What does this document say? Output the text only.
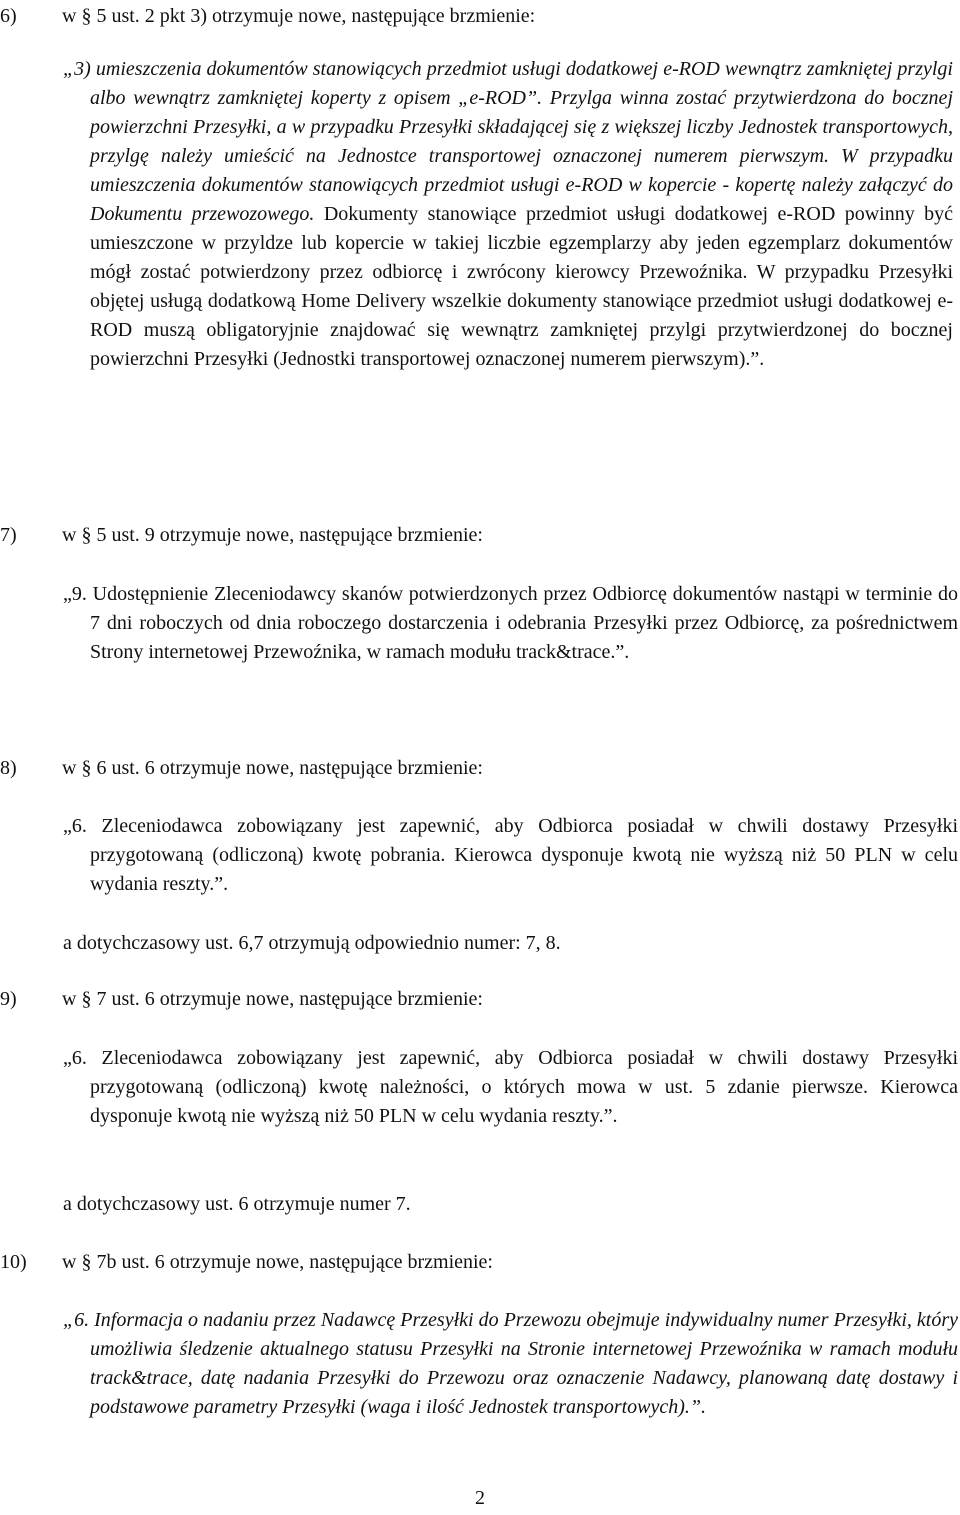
6) w § 5 ust. 2 pkt 3) otrzymuje nowe, następujące brzmienie:
„3) umieszczenia dokumentów stanowiących przedmiot usługi dodatkowej e-ROD wewnątrz zamkniętej przylgi albo wewnątrz zamkniętej koperty z opisem „e-ROD”. Przylga winna zostać przytwierdzona do bocznej powierzchni Przesyłki, a w przypadku Przesyłki składającej się z większej liczby Jednostek transportowych, przylgę należy umieścić na Jednostce transportowej oznaczonej numerem pierwszym. W przypadku umieszczenia dokumentów stanowiących przedmiot usługi e-ROD w kopercie - kopertę należy załączyć do Dokumentu przewozowego. Dokumenty stanowiące przedmiot usługi dodatkowej e-ROD powinny być umieszczone w przyldze lub kopercie w takiej liczbie egzemplarzy aby jeden egzemplarz dokumentów mógł zostać potwierdzony przez odbiorcę i zwrócony kierowcy Przewoźnika. W przypadku Przesyłki objętej usługą dodatkową Home Delivery wszelkie dokumenty stanowiące przedmiot usługi dodatkowej e-ROD muszą obligatoryjnie znajdować się wewnątrz zamkniętej przylgi przytwierdzonej do bocznej powierzchni Przesyłki (Jednostki transportowej oznaczonej numerem pierwszym).”.
7) w § 5 ust. 9 otrzymuje nowe, następujące brzmienie:
„9. Udostępnienie Zleceniodawcy skanów potwierdzonych przez Odbiorcę dokumentów nastąpi w terminie do 7 dni roboczych od dnia roboczego dostarczenia i odebrania Przesyłki przez Odbiorcę, za pośrednictwem Strony internetowej Przewoźnika, w ramach modułu track&trace.”.
8) w § 6 ust. 6 otrzymuje nowe, następujące brzmienie:
„6. Zleceniodawca zobowiązany jest zapewnić, aby Odbiorca posiadał w chwili dostawy Przesyłki przygotowaną (odliczoną) kwotę pobrania. Kierowca dysponuje kwotą nie wyższą niż 50 PLN w celu wydania reszty.”.
a dotychczasowy ust. 6,7 otrzymują odpowiednio numer: 7, 8.
9) w § 7 ust. 6 otrzymuje nowe, następujące brzmienie:
„6. Zleceniodawca zobowiązany jest zapewnić, aby Odbiorca posiadał w chwili dostawy Przesyłki przygotowaną (odliczoną) kwotę należności, o których mowa w ust. 5 zdanie pierwsze. Kierowca dysponuje kwotą nie wyższą niż 50 PLN w celu wydania reszty.”.
a dotychczasowy ust. 6 otrzymuje numer 7.
10) w § 7b ust. 6 otrzymuje nowe, następujące brzmienie:
„6. Informacja o nadaniu przez Nadawcę Przesyłki do Przewozu obejmuje indywidualny numer Przesyłki, który umożliwia śledzenie aktualnego statusu Przesyłki na Stronie internetowej Przewoźnika w ramach modułu track&trace, datę nadania Przesyłki do Przewozu oraz oznaczenie Nadawcy, planowaną datę dostawy i podstawowe parametry Przesyłki (waga i ilość Jednostek transportowych).”.
2
